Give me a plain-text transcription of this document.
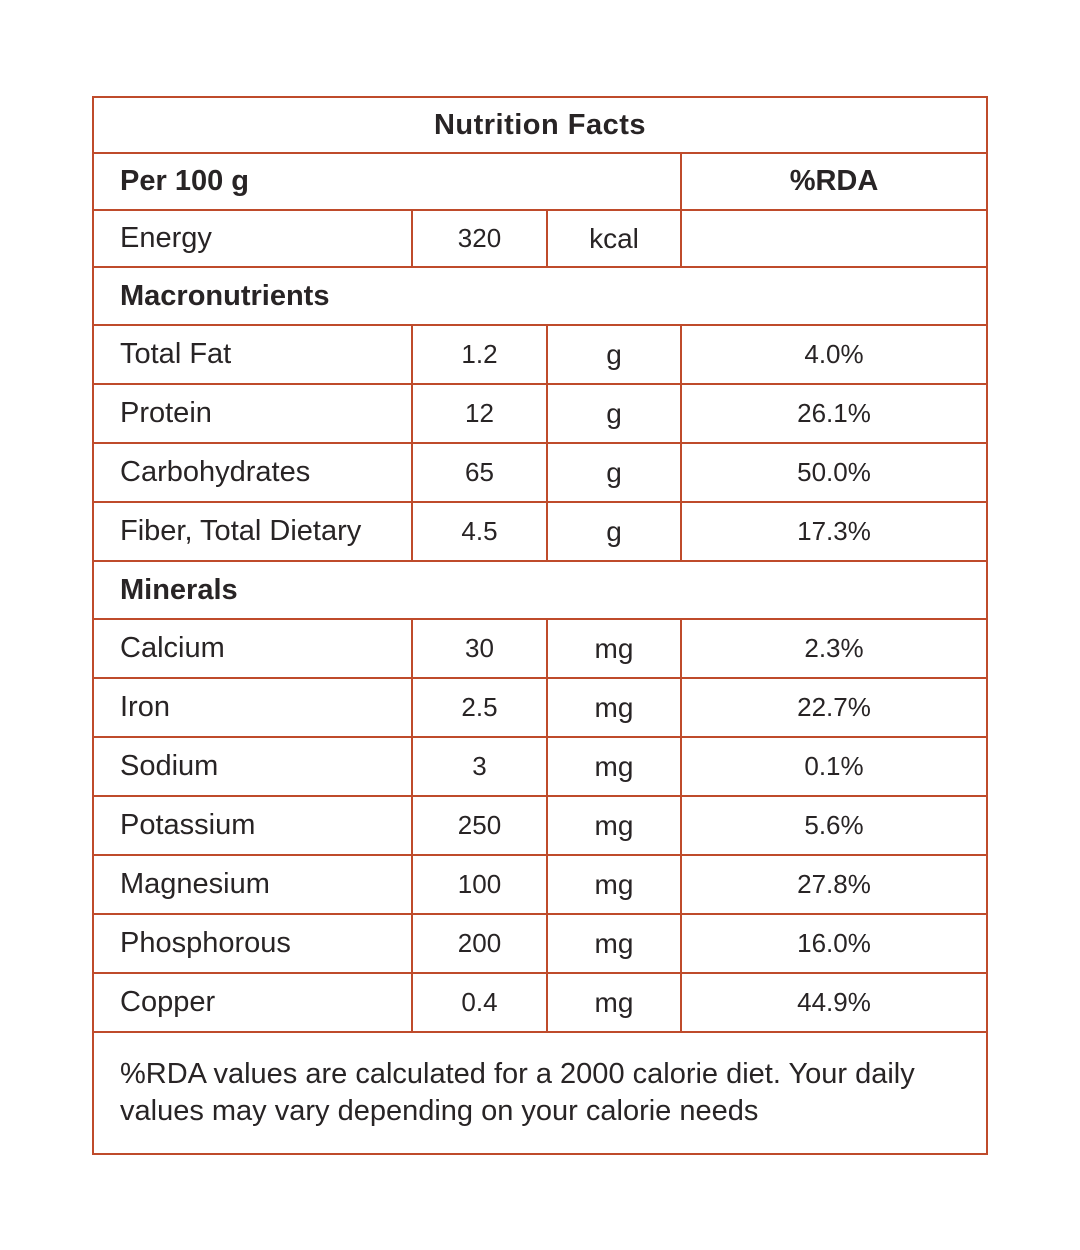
Nutrition Facts			
Per 100 g			%RDA
Energy	320	kcal	
Macronutrients			
Total Fat	1.2	g	4.0%
Protein	12	g	26.1%
Carbohydrates	65	g	50.0%
Fiber, Total Dietary	4.5	g	17.3%
Minerals			
Calcium	30	mg	2.3%
Iron	2.5	mg	22.7%
Sodium	3	mg	0.1%
Potassium	250	mg	5.6%
Magnesium	100	mg	27.8%
Phosphorous	200	mg	16.0%
Copper	0.4	mg	44.9%
%RDA values are calculated for a 2000 calorie diet. Your daily values may vary depending on your calorie needs			
